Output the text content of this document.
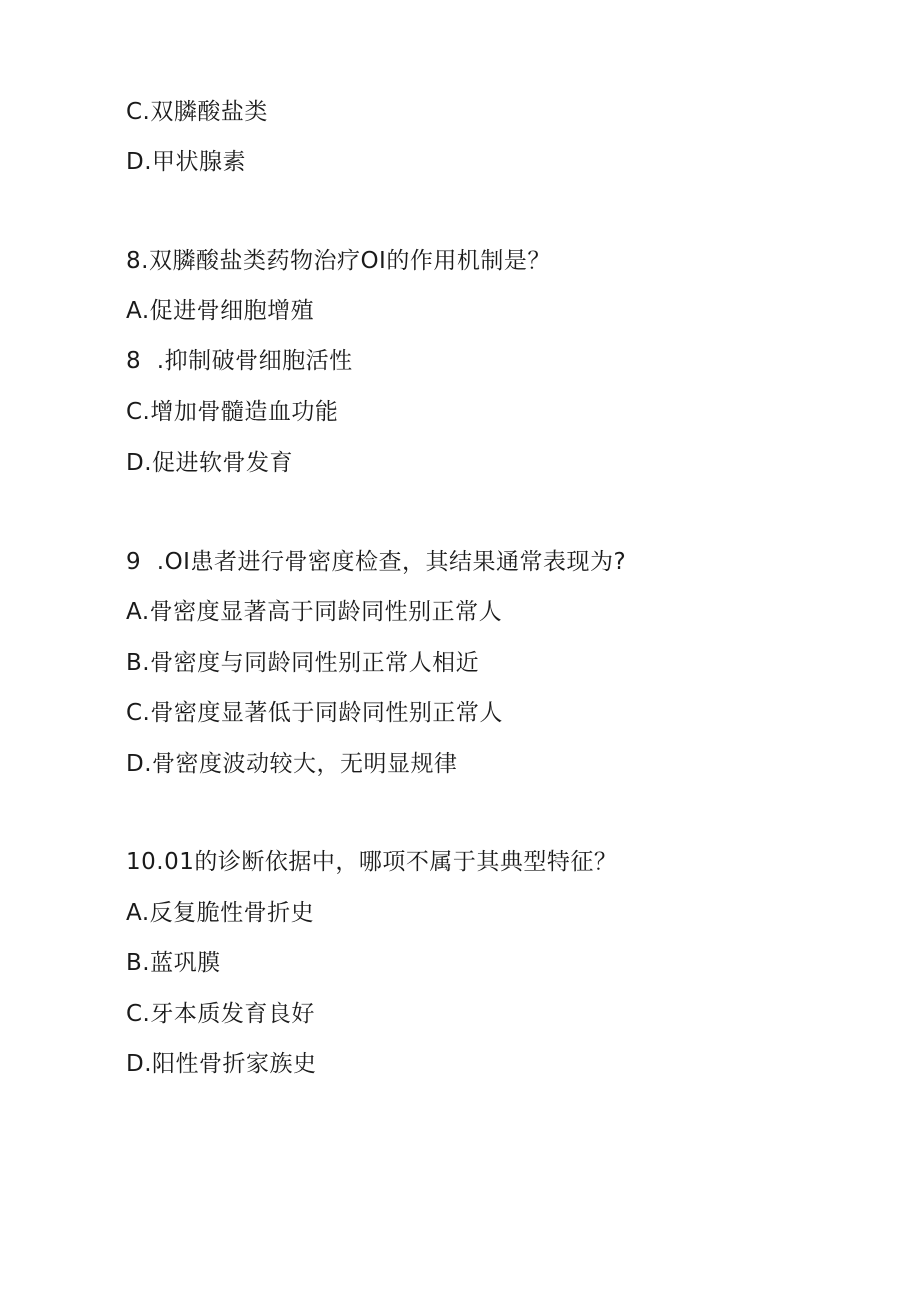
C.双膦酸盐类

D.甲状腺素

8.双膦酸盐类药物治疗OI的作用机制是？

A.促进骨细胞增殖

8  .抑制破骨细胞活性

C.增加骨髓造血功能

D.促进软骨发育

9  .OI患者进行骨密度检查，其结果通常表现为?

A.骨密度显著高于同龄同性别正常人

B.骨密度与同龄同性别正常人相近

C.骨密度显著低于同龄同性别正常人

D.骨密度波动较大，无明显规律

10.01的诊断依据中，哪项不属于其典型特征？

A.反复脆性骨折史

B.蓝巩膜

C.牙本质发育良好

D.阳性骨折家族史
